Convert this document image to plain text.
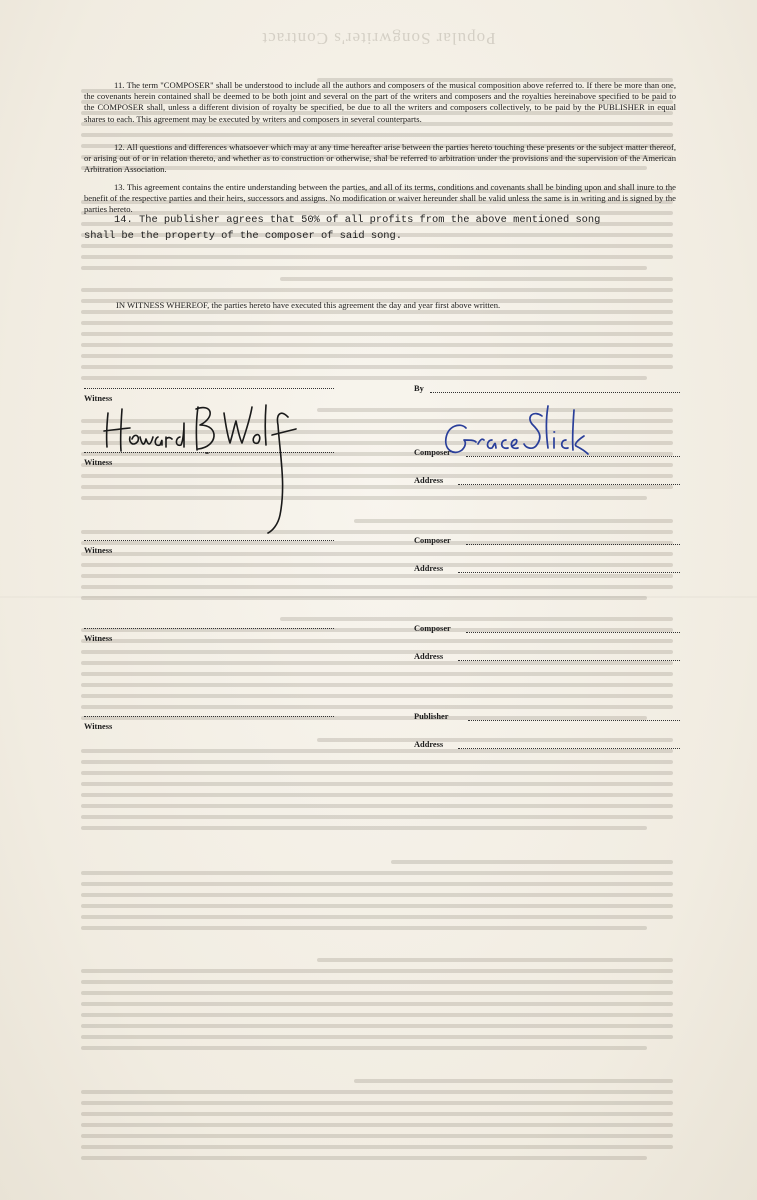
Popular Songwriter's Contract

11. The term "COMPOSER" shall be understood to include all the authors and composers of the musical composition above referred to. If there be more than one, the covenants herein contained shall be deemed to be both joint and several on the part of the writers and composers and the royalties hereinabove specified to be paid to the COMPOSER shall, unless a different division of royalty be specified, be due to all the writers and composers collectively, to be paid by the PUBLISHER in equal shares to each. This agreement may be executed by writers and composers in several counterparts.

12. All questions and differences whatsoever which may at any time hereafter arise between the parties hereto touching these presents or the subject matter thereof, or arising out of or in relation thereto, and whether as to construction or otherwise, shal be referred to arbitration under the provisions and the supervision of the American Arbitration Association.

13. This agreement contains the entire understanding between the parties, and all of its terms, conditions and covenants shall be binding upon and shall inure to the benefit of the respective parties and their heirs, successors and assigns. No modification or waiver hereunder shall be valid unless the same is in writing and is signed by the parties hereto.

14. The publisher agrees that 50% of all profits from the above mentioned song
shall be the property of the composer of said song.

IN WITNESS WHEREOF, the parties hereto have executed this agreement the day and year first above written.

Witness
By
Witness
Composer
Address
Witness
Composer
Address
Witness
Composer
Address
Witness
Publisher
Address
